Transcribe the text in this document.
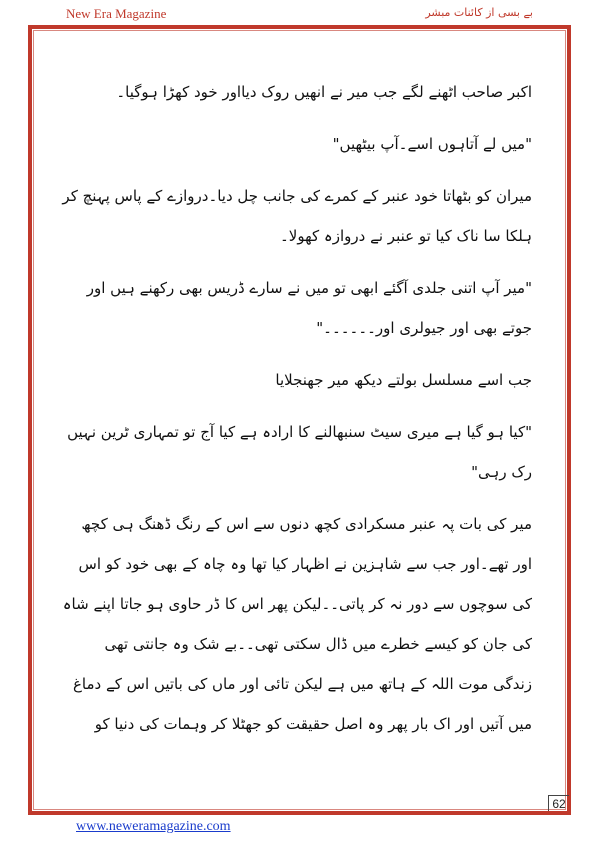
New Era Magazine	بے بسی از کائنات مبشر

اکبر صاحب اٹھنے لگے جب میر نے انھیں روک دیااور خود کھڑا ہوگیا۔

"میں لے آتاہوں اسے۔آپ بیٹھیں"

میران کو بٹھاتا خود عنبر کے کمرے کی جانب چل دیا۔دروازے کے پاس پہنچ کر ہلکا سا ناک کیا تو عنبر نے دروازہ کھولا۔

"میر آپ اتنی جلدی آگئے ابھی تو میں نے سارے ڈریس بھی رکھنے ہیں اور جوتے بھی اور جیولری اور۔۔۔۔۔۔"

جب اسے مسلسل بولتے دیکھ میر جھنجلایا

"کیا ہو گیا ہے میری سیٹ سنبھالنے کا ارادہ ہے کیا آج تو تمہاری ٹرین نہیں رک رہی"

میر کی بات پہ عنبر مسکرادی کچھ دنوں سے اس کے رنگ ڈھنگ ہی کچھ اور تھے۔اور جب سے شاہزین نے اظہار کیا تھا وہ چاہ کے بھی خود کو اس کی سوچوں سے دور نہ کر پاتی۔۔لیکن پھر اس کا ڈر حاوی ہو جاتا اپنے شاہ کی جان کو کیسے خطرے میں ڈال سکتی تھی۔۔بے شک وہ جانتی تھی زندگی موت اللہ کے ہاتھ میں ہے لیکن تائی اور ماں کی باتیں اس کے دماغ میں آتیں اور اک بار پھر وہ اصل حقیقت کو جھٹلا کر وہمات کی دنیا کو

62
www.neweramagazine.com
